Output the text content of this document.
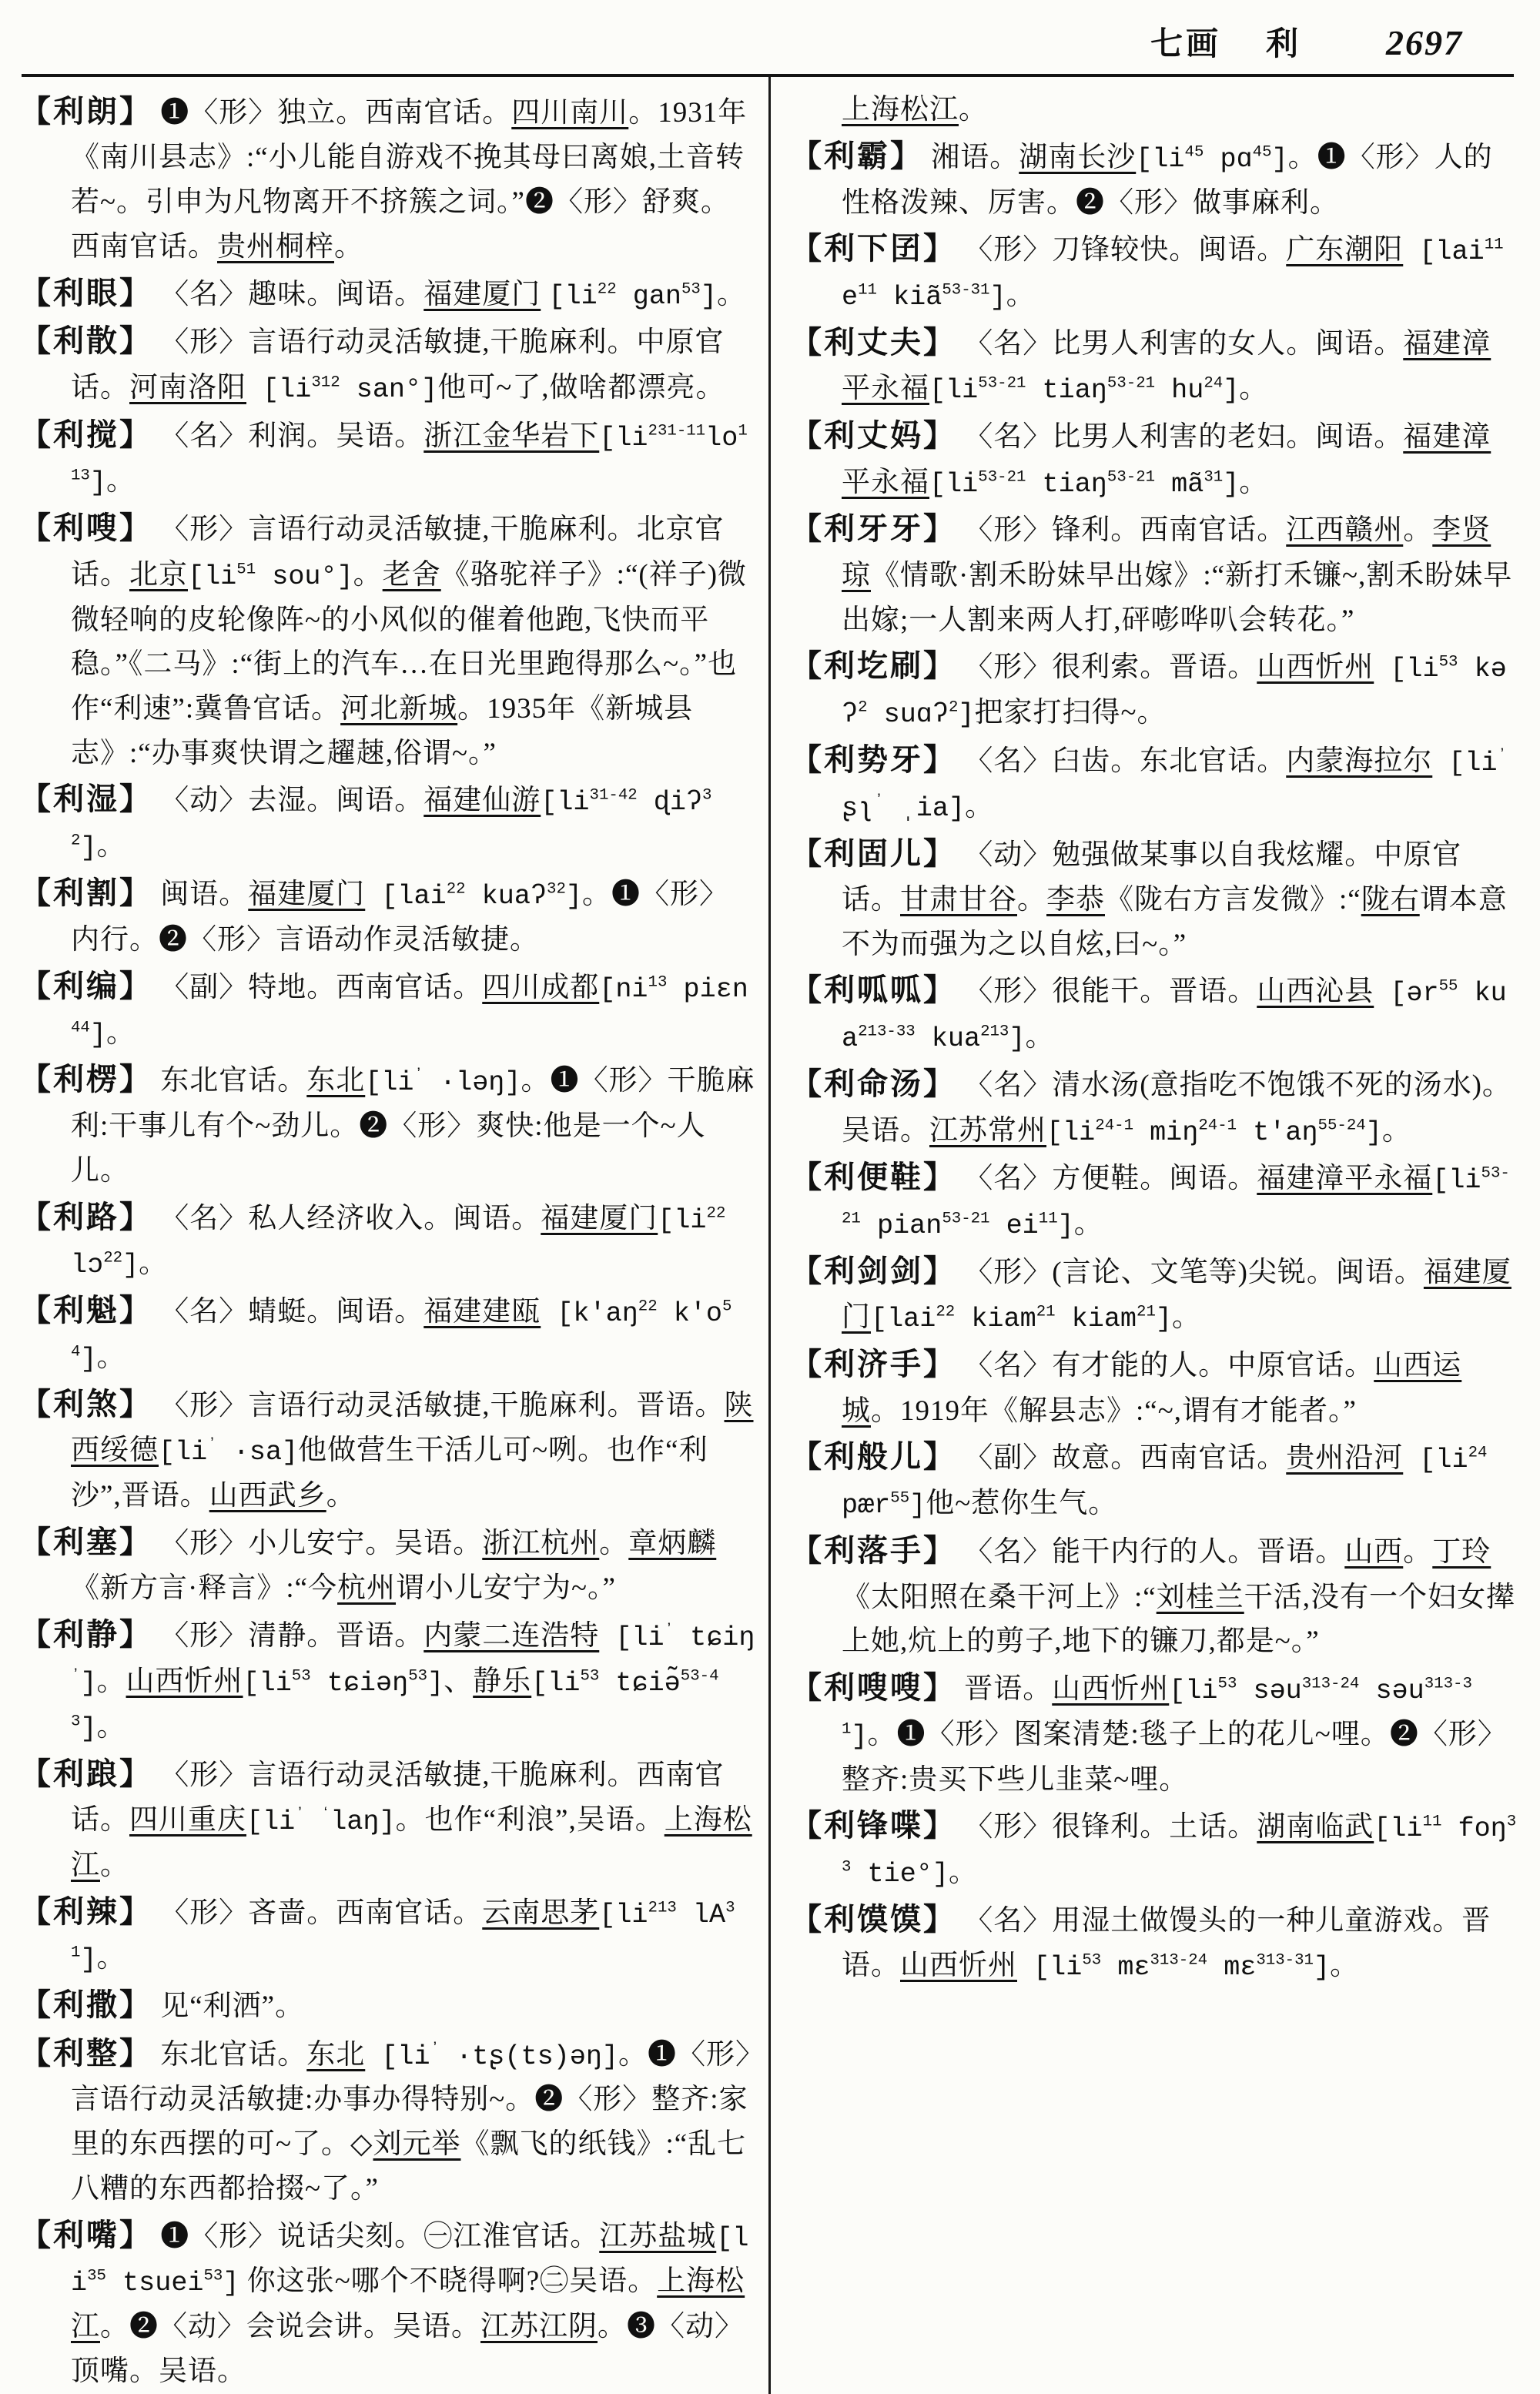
七画 利 2697

【利朗】 ❶〈形〉独立。西南官话。四川南川。1931年《南川县志》:“小儿能自游戏不挽其母曰离娘,土音转若~。引申为凡物离开不挤簇之词。”❷〈形〉舒爽。西南官话。贵州桐梓。

【利眼】 〈名〉趣味。闽语。福建厦门 [$li^{22}$ gan$^{53}$]。

【利散】 〈形〉言语行动灵活敏捷,干脆麻利。中原官话。河南洛阳 [$li^{312}$ san°]他可~了,做啥都漂亮。

【利搅】 〈名〉利润。吴语。浙江金华岩下$[li^{231-11}lo^{113}]$。

【利嗖】 〈形〉言语行动灵活敏捷,干脆麻利。北京官话。北京[$li^{51}$ sou°]。老舍《骆驼祥子》:“(祥子)微微轻响的皮轮像阵~的小风似的催着他跑,飞快而平稳。”《二马》:“街上的汽车…在日光里跑得那么~。”也作“利速”:冀鲁官话。河北新城。1935年《新城县志》:“办事爽快谓之趯趚,俗谓~。”

【利湿】 〈动〉去湿。闽语。福建仙游[$li^{31-42}$ ɖiʔ$^{32}$]。

【利割】 闽语。福建厦门 [lai$^{22}$ kuaʔ$^{32}$]。❶〈形〉内行。❷〈形〉言语动作灵活敏捷。

【利编】 〈副〉特地。西南官话。四川成都[$ni^{13}$ piɛn$^{44}$]。

【利楞】 东北官话。东北[$li^ʼ$ ·ləŋ]。❶〈形〉干脆麻利:干事儿有个~劲儿。❷〈形〉爽快:他是一个~人儿。

【利路】 〈名〉私人经济收入。闽语。福建厦门[$li^{22}$ lɔ$^{22}$]。

【利魁】 〈名〉蜻蜓。闽语。福建建瓯 [$k'aŋ^{22}$ $k'o^{54}$]。

【利煞】 〈形〉言语行动灵活敏捷,干脆麻利。晋语。陕西绥德$[li^ʼ \cdot sa]$他做营生干活儿可~咧。也作“利沙”,晋语。山西武乡。

【利塞】 〈形〉小儿安宁。吴语。浙江杭州。章炳麟《新方言·释言》:“今杭州谓小儿安宁为~。”

【利静】 〈形〉清静。晋语。内蒙二连浩特 [$li^ʼ$ tɕiŋ$^ʼ$]。山西忻州[$li^{53}$ tɕiəŋ$^{53}$]、静乐[$li^{53}$ tɕiə̃$^{53-43}$]。

【利踉】 〈形〉言语行动灵活敏捷,干脆麻利。西南官话。四川重庆[$li^ʼ$ $^ʻ$laŋ]。也作“利浪”,吴语。上海松江。

【利辣】 〈形〉吝啬。西南官话。云南思茅[$li^{213}$ $lA^{31}$]。

【利撒】 见“利洒”。

【利整】 东北官话。东北 [$li^ʼ$ ·tʂ(ts)əŋ]。❶〈形〉言语行动灵活敏捷:办事办得特别~。❷〈形〉整齐:家里的东西摆的可~了。◇刘元举《飘飞的纸钱》:“乱七八糟的东西都拾掇~了。”

【利嘴】 ❶〈形〉说话尖刻。㊀江淮官话。江苏盐城[$li^{35}$ tsuei$^{53}$] 你这张~哪个不晓得啊?㊁吴语。上海松江。❷〈动〉会说会讲。吴语。江苏江阴。❸〈动〉顶嘴。吴语。

上海松江。

【利霸】 湘语。湖南长沙[$li^{45}$ pɑ$^{45}$]。❶〈形〉人的性格泼辣、厉害。❷〈形〉做事麻利。

【利下囝】 〈形〉刀锋较快。闽语。广东潮阳 [lai$^{11}$ $e^{11}$ kiã$^{53-31}$]。

【利丈夫】 〈名〉比男人利害的女人。闽语。福建漳平永福[$li^{53-21}$ tiaŋ$^{53-21}$ $hu^{24}$]。

【利丈妈】 〈名〉比男人利害的老妇。闽语。福建漳平永福[$li^{53-21}$ tiaŋ$^{53-21}$ $mã^{31}$]。

【利牙牙】 〈形〉锋利。西南官话。江西赣州。李贤琼《情歌·割禾盼妹早出嫁》:“新打禾镰~,割禾盼妹早出嫁;一人割来两人打,砰嘭哗叭会转花。”

【利圪刷】 〈形〉很利索。晋语。山西忻州 [$li^{53}$ kəʔ$^2$ suɑʔ$^2$]把家打扫得~。

【利势牙】 〈名〉臼齿。东北官话。内蒙海拉尔 [$li^ʼ$ ʂʅ$^ʼ$ ˌia]。

【利固儿】 〈动〉勉强做某事以自我炫耀。中原官话。甘肃甘谷。李恭《陇右方言发微》:“陇右谓本意不为而强为之以自炫,曰~。”

【利呱呱】 〈形〉很能干。晋语。山西沁县 [ər$^{55}$ kua$^{213-33}$ kua$^{213}$]。

【利命汤】 〈名〉清水汤(意指吃不饱饿不死的汤水)。吴语。江苏常州[$li^{24-1}$ miŋ$^{24-1}$ $t'aŋ^{55-24}$]。

【利便鞋】 〈名〉方便鞋。闽语。福建漳平永福[$li^{53-21}$ pian$^{53-21}$ $ei^{11}$]。

【利剑剑】 〈形〉(言论、文笔等)尖锐。闽语。福建厦门[lai$^{22}$ kiam$^{21}$ kiam$^{21}$]。

【利济手】 〈名〉有才能的人。中原官话。山西运城。1919年《解县志》:“~,谓有才能者。”

【利般儿】 〈副〉故意。西南官话。贵州沿河 [$li^{24}$ pær$^{55}$]他~惹你生气。

【利落手】 〈名〉能干内行的人。晋语。山西。丁玲《太阳照在桑干河上》:“刘桂兰干活,没有一个妇女撵上她,炕上的剪子,地下的镰刀,都是~。”

【利嗖嗖】 晋语。山西忻州[$li^{53}$ səu$^{313-24}$ səu$^{313-31}$]。❶〈形〉图案清楚:毯子上的花儿~哩。❷〈形〉整齐:贵买下些儿韭菜~哩。

【利锋喋】 〈形〉很锋利。土话。湖南临武[$li^{11}$ foŋ$^{33}$ tie°]。

【利馍馍】 〈名〉用湿土做馒头的一种儿童游戏。晋语。山西忻州 [$li^{53}$ mɛ$^{313-24}$ mɛ$^{313-31}$]。
